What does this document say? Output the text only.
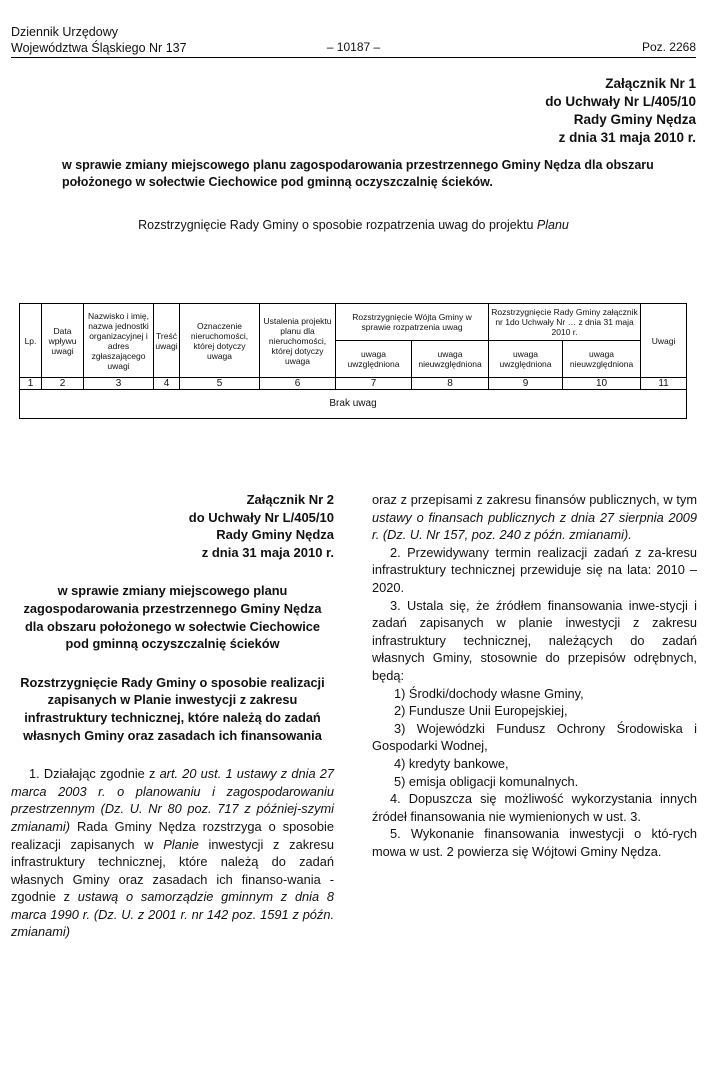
Dziennik Urzędowy
Województwa Śląskiego Nr 137	– 10187 –	Poz. 2268
Załącznik Nr 1
do Uchwały Nr L/405/10
Rady Gminy Nędza
z dnia 31 maja 2010 r.
w sprawie zmiany miejscowego planu zagospodarowania przestrzennego Gminy Nędza dla obszaru
położonego w sołectwie Ciechowice pod gminną oczyszczalnię ścieków.
Rozstrzygnięcie Rady Gminy o sposobie rozpatrzenia uwag do projektu Planu
Lp.	Data wpływu uwagi	Nazwisko i imię, nazwa jednostki organizacyjnej i adres zgłaszającego uwagi	Treść uwagi	Oznaczenie nieruchomości, której dotyczy uwaga	Ustalenia projektu planu dla nieruchomości, której dotyczy uwaga	Rozstrzygnięcie Wójta Gminy w sprawie rozpatrzenia uwag		Rozstrzygnięcie Rady Gminy załącznik nr 1do Uchwały Nr … z dnia 31 maja 2010 r.		Uwagi
						uwaga uwzględniona	uwaga nieuwzględniona	uwaga uwzględniona	uwaga nieuwzględniona	
1	2	3	4	5	6	7	8	9	10	11
Brak uwag										
Załącznik Nr 2
do Uchwały Nr L/405/10
Rady Gminy Nędza
z dnia 31 maja 2010 r.

w sprawie zmiany miejscowego planu zagospodarowania przestrzennego Gminy Nędza dla obszaru położonego w sołectwie Ciechowice pod gminną oczyszczalnię ścieków

Rozstrzygnięcie Rady Gminy o sposobie realizacji zapisanych w Planie inwestycji z zakresu infrastruktury technicznej, które należą do zadań własnych Gminy oraz zasadach ich finansowania

1. Działając zgodnie z art. 20 ust. 1 ustawy z dnia 27 marca 2003 r. o planowaniu i zagospodarowaniu przestrzennym (Dz. U. Nr 80 poz. 717 z później-szymi zmianami) Rada Gminy Nędza rozstrzyga o sposobie realizacji zapisanych w Planie inwestycji z zakresu infrastruktury technicznej, które należą do zadań własnych Gminy oraz zasadach ich finanso-wania - zgodnie z ustawą o samorządzie gminnym z dnia 8 marca 1990 r. (Dz. U. z 2001 r. nr 142 poz. 1591 z późn. zmianami)

oraz z przepisami z zakresu finansów publicznych, w tym ustawy o finansach publicznych z dnia 27 sierpnia 2009 r. (Dz. U. Nr 157, poz. 240 z późn. zmianami).

2. Przewidywany termin realizacji zadań z za-kresu infrastruktury technicznej przewiduje się na lata: 2010 – 2020.

3. Ustala się, że źródłem finansowania inwe-stycji i zadań zapisanych w planie inwestycji z zakresu infrastruktury technicznej, należących do zadań własnych Gminy, stosownie do przepisów odrębnych, będą:

1) Środki/dochody własne Gminy,

2) Fundusze Unii Europejskiej,

3) Wojewódzki Fundusz Ochrony Środowiska i Gospodarki Wodnej,

4) kredyty bankowe,

5) emisja obligacji komunalnych.

4. Dopuszcza się możliwość wykorzystania innych źródeł finansowania nie wymienionych w ust. 3.

5. Wykonanie finansowania inwestycji o któ-rych mowa w ust. 2 powierza się Wójtowi Gminy Nędza.
